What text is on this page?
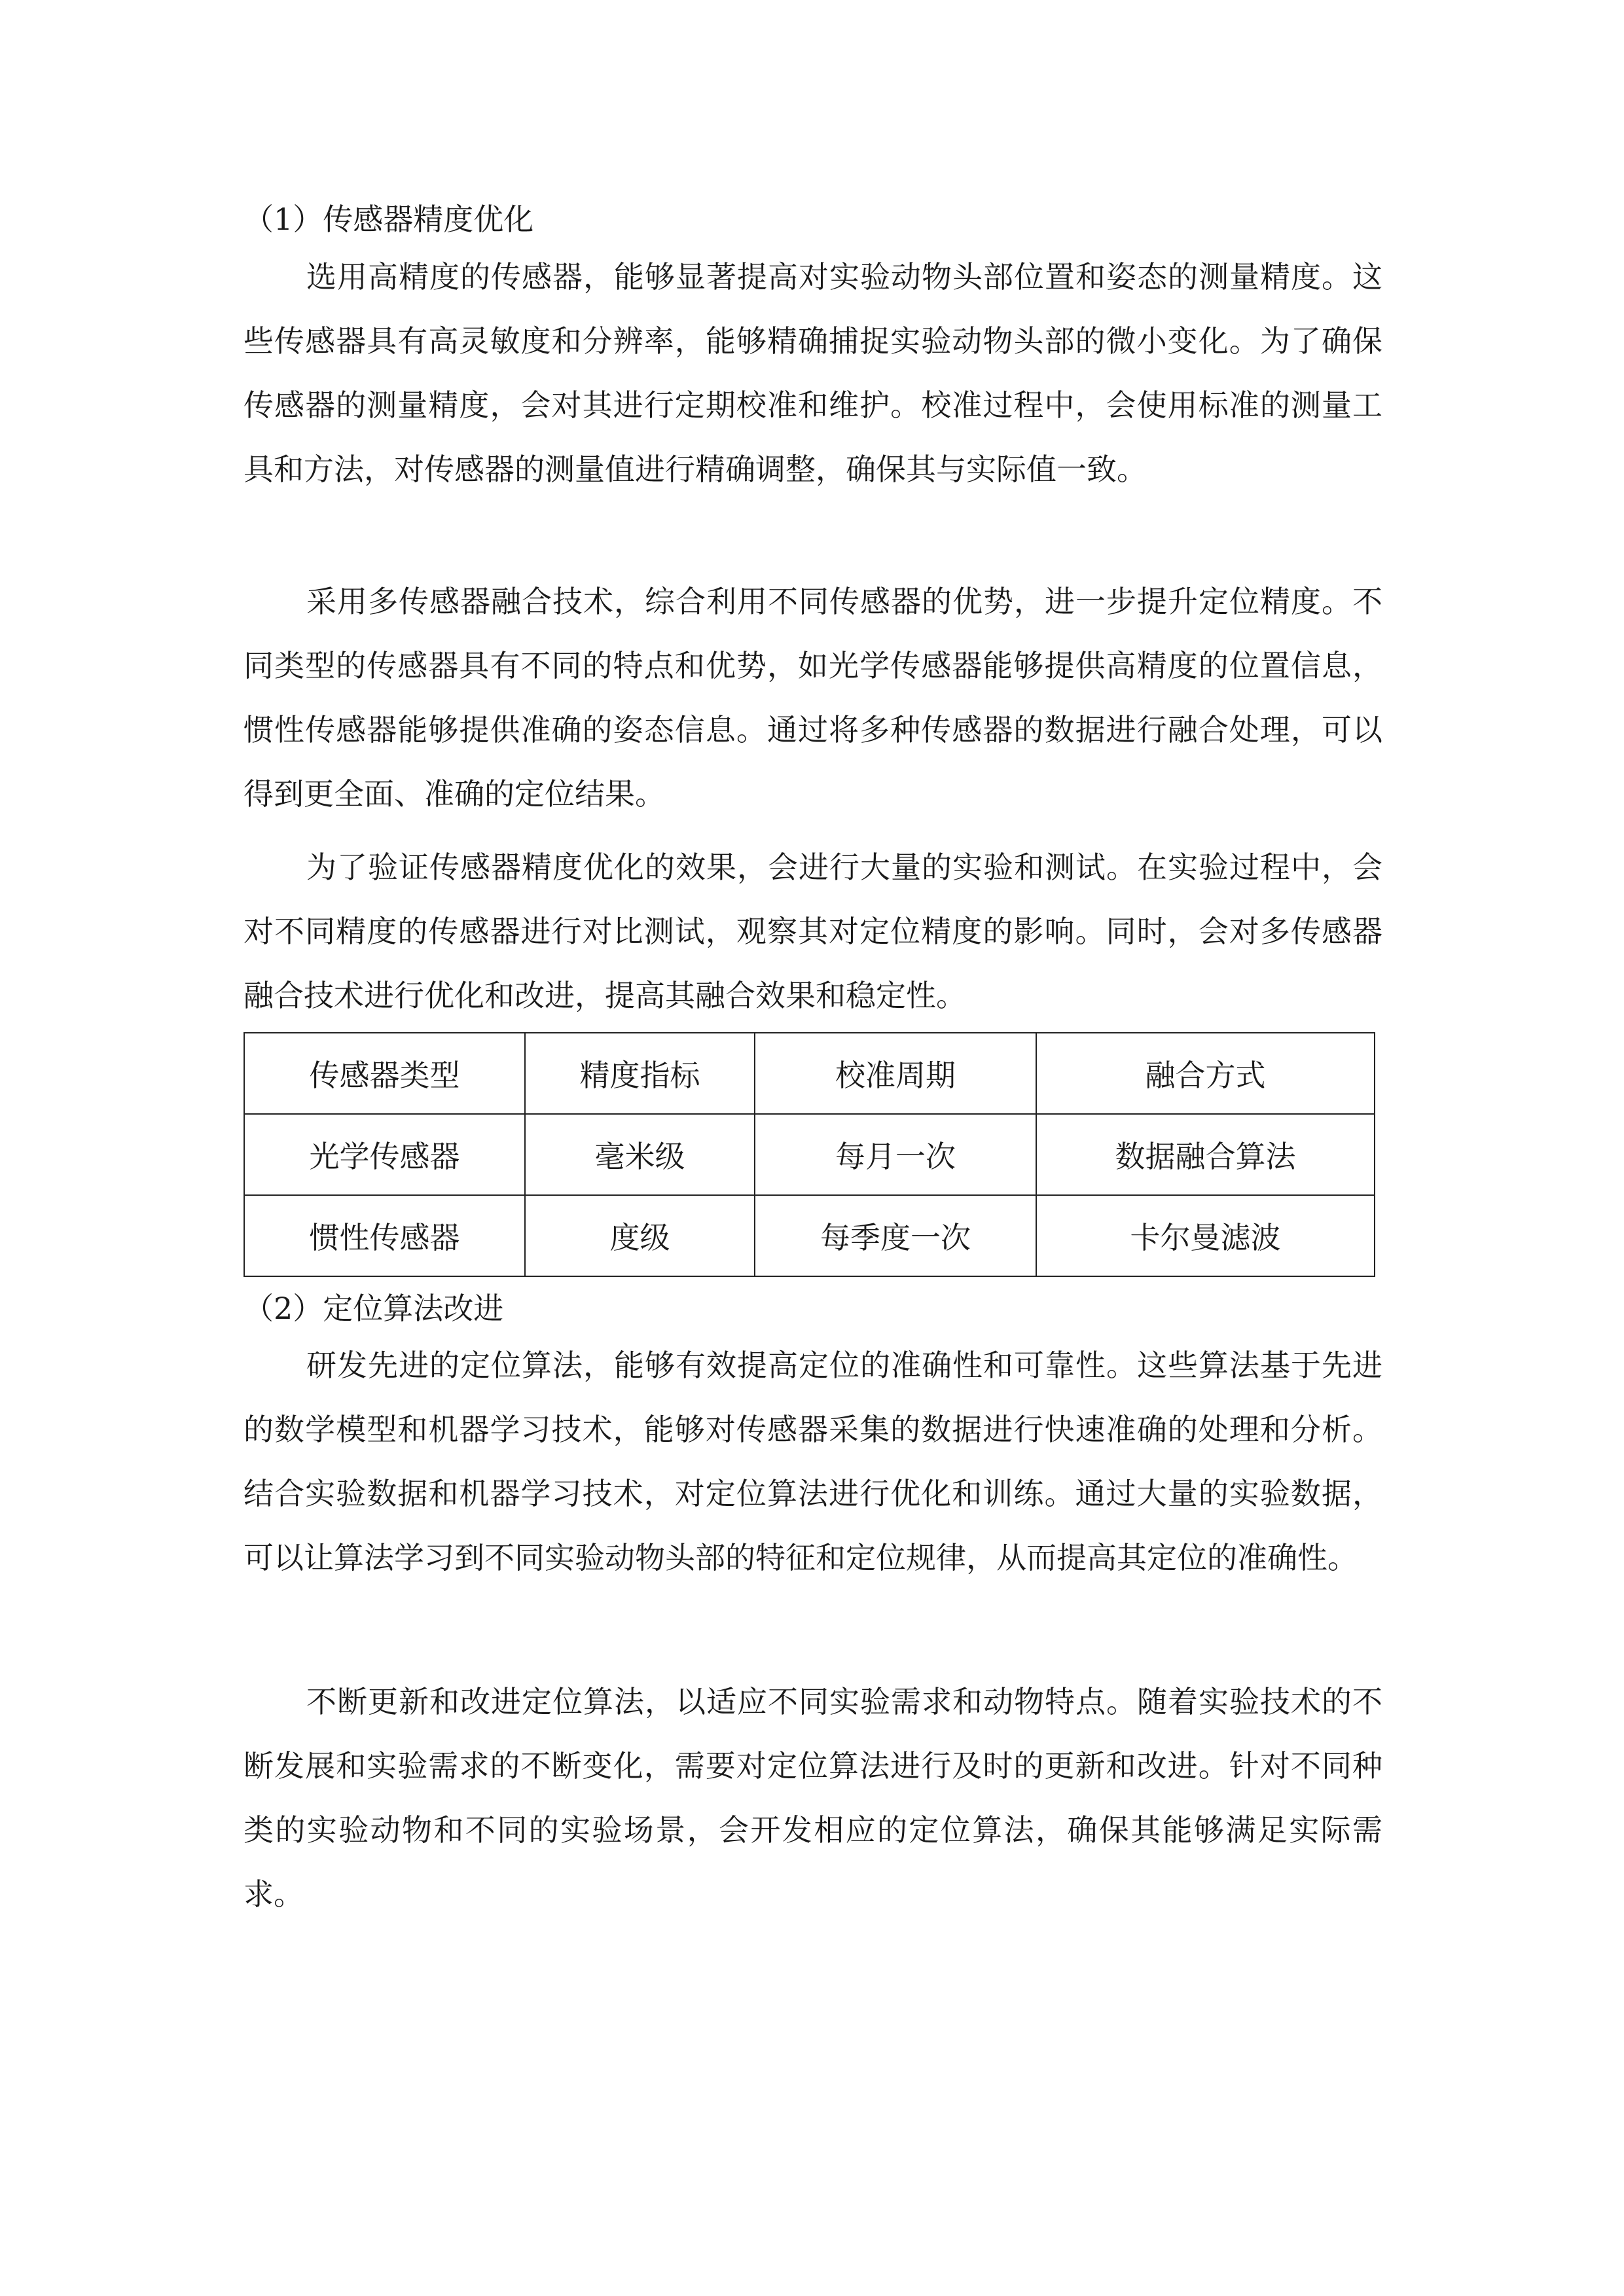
（1）传感器精度优化

选用高精度的传感器，能够显著提高对实验动物头部位置和姿态的测量精度。这些传感器具有高灵敏度和分辨率，能够精确捕捉实验动物头部的微小变化。为了确保传感器的测量精度，会对其进行定期校准和维护。校准过程中，会使用标准的测量工具和方法，对传感器的测量值进行精确调整，确保其与实际值一致。

采用多传感器融合技术，综合利用不同传感器的优势，进一步提升定位精度。不同类型的传感器具有不同的特点和优势，如光学传感器能够提供高精度的位置信息，惯性传感器能够提供准确的姿态信息。通过将多种传感器的数据进行融合处理，可以得到更全面、准确的定位结果。

为了验证传感器精度优化的效果，会进行大量的实验和测试。在实验过程中，会对不同精度的传感器进行对比测试，观察其对定位精度的影响。同时，会对多传感器融合技术进行优化和改进，提高其融合效果和稳定性。

传感器类型	精度指标	校准周期	融合方式
光学传感器	毫米级	每月一次	数据融合算法
惯性传感器	度级	每季度一次	卡尔曼滤波
（2）定位算法改进

研发先进的定位算法，能够有效提高定位的准确性和可靠性。这些算法基于先进的数学模型和机器学习技术，能够对传感器采集的数据进行快速准确的处理和分析。结合实验数据和机器学习技术，对定位算法进行优化和训练。通过大量的实验数据，可以让算法学习到不同实验动物头部的特征和定位规律，从而提高其定位的准确性。

不断更新和改进定位算法，以适应不同实验需求和动物特点。随着实验技术的不断发展和实验需求的不断变化，需要对定位算法进行及时的更新和改进。针对不同种类的实验动物和不同的实验场景，会开发相应的定位算法，确保其能够满足实际需求。
